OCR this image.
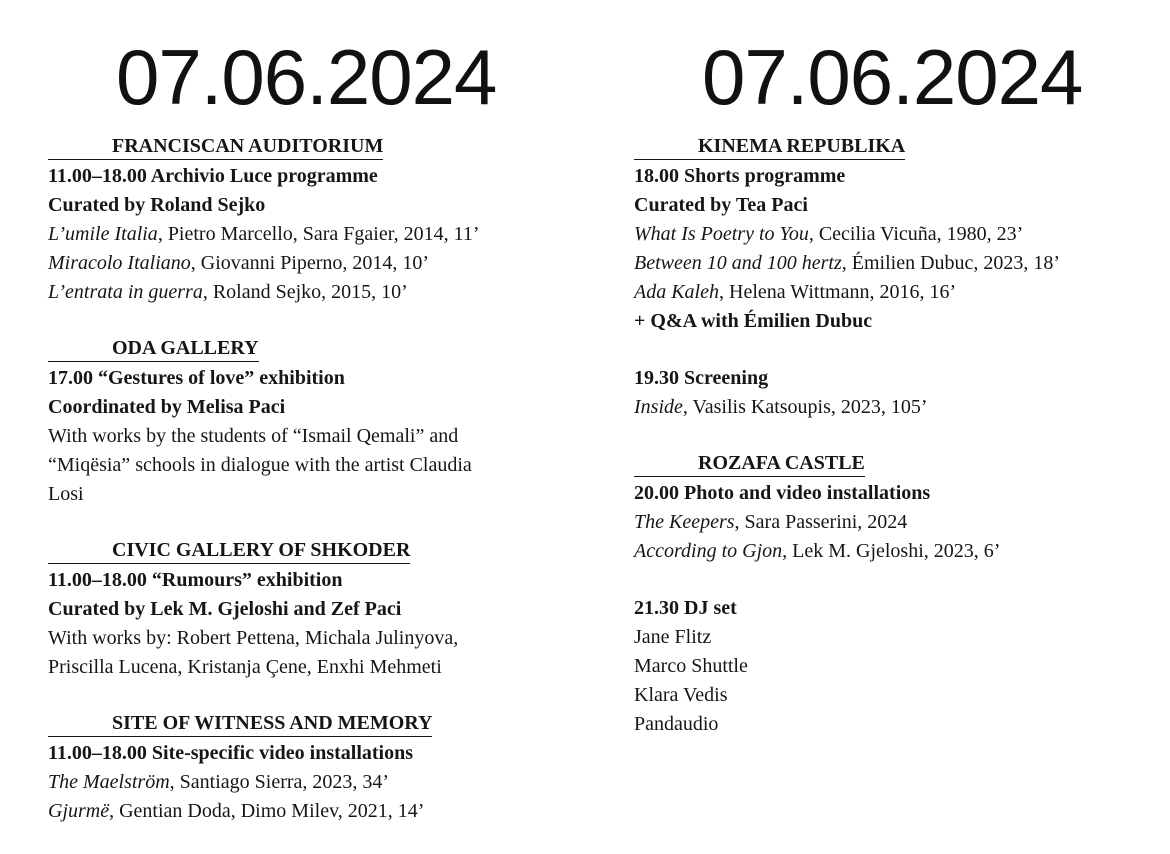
07.06.2024
FRANCISCAN AUDITORIUM
11.00–18.00 Archivio Luce programme
Curated by Roland Sejko
L’umile Italia, Pietro Marcello, Sara Fgaier, 2014, 11’
Miracolo Italiano, Giovanni Piperno, 2014, 10’
L’entrata in guerra, Roland Sejko, 2015, 10’
ODA GALLERY
17.00 “Gestures of love” exhibition
Coordinated by Melisa Paci
With works by the students of “Ismail Qemali” and
“Miqësia” schools in dialogue with the artist Claudia
Losi
CIVIC GALLERY OF SHKODER
11.00–18.00 “Rumours” exhibition
Curated by Lek M. Gjeloshi and Zef Paci
With works by: Robert Pettena, Michala Julinyova,
Priscilla Lucena, Kristanja Çene, Enxhi Mehmeti
SITE OF WITNESS AND MEMORY
11.00–18.00 Site-specific video installations
The Maelström, Santiago Sierra, 2023, 34’
Gjurmë, Gentian Doda, Dimo Milev, 2021, 14’
07.06.2024
KINEMA REPUBLIKA
18.00 Shorts programme
Curated by Tea Paci
What Is Poetry to You, Cecilia Vicuña, 1980, 23’
Between 10 and 100 hertz, Émilien Dubuc, 2023, 18’
Ada Kaleh, Helena Wittmann, 2016, 16’
+ Q&A with Émilien Dubuc
19.30 Screening
Inside, Vasilis Katsoupis, 2023, 105’
ROZAFA CASTLE
20.00 Photo and video installations
The Keepers, Sara Passerini, 2024
According to Gjon, Lek M. Gjeloshi, 2023, 6’
21.30 DJ set
Jane Flitz
Marco Shuttle
Klara Vedis
Pandaudio
